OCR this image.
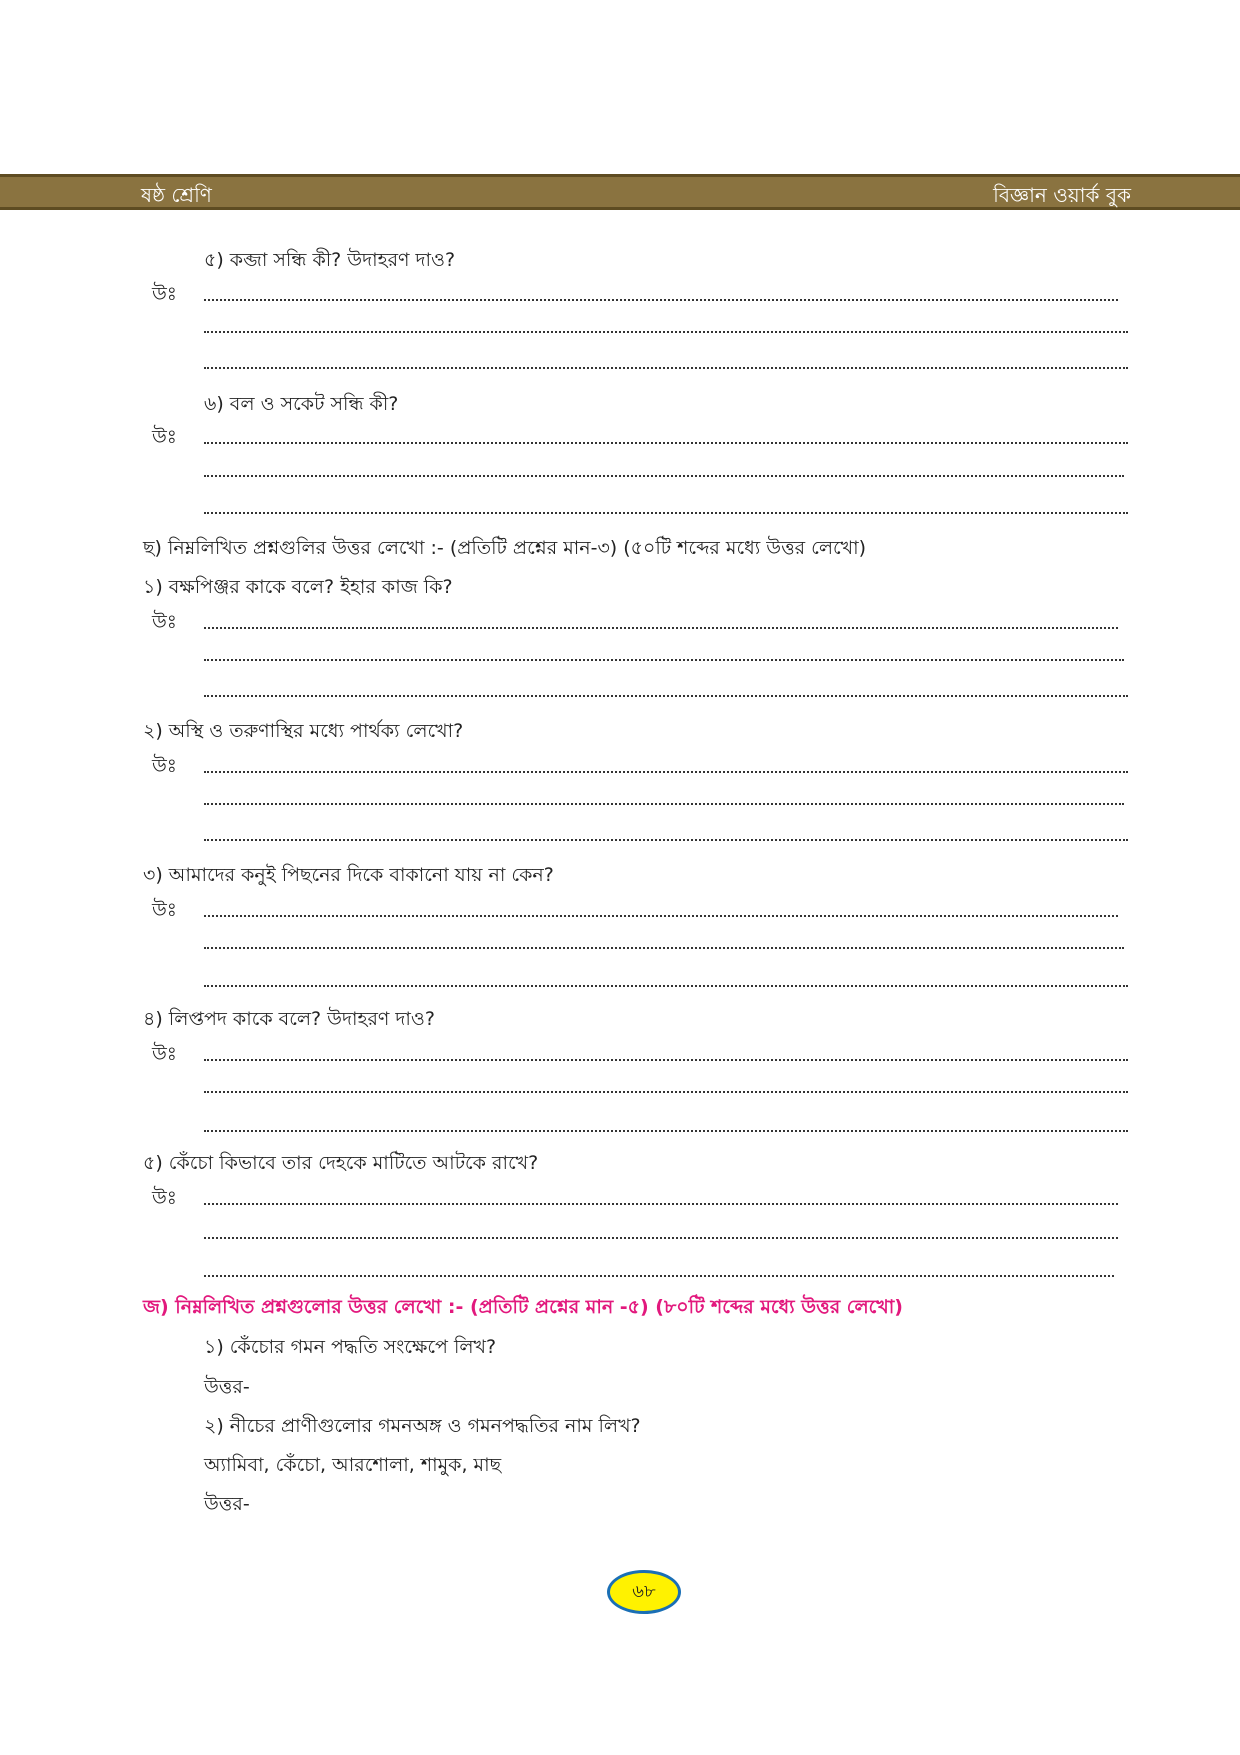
ষষ্ঠ শ্রেণি	বিজ্ঞান ওয়ার্ক বুক
৫) কব্জা সন্ধি কী? উদাহরণ দাও?
উঃ
৬) বল ও সকেট সন্ধি কী?
উঃ
ছ) নিম্নলিখিত প্রশ্নগুলির উত্তর লেখো :- (প্রতিটি প্রশ্নের মান-৩) (৫০টি শব্দের মধ্যে উত্তর লেখো)
১) বক্ষপিঞ্জর কাকে বলে? ইহার কাজ কি?
উঃ
২) অস্থি ও তরুণাস্থির মধ্যে পার্থক্য লেখো?
উঃ
৩) আমাদের কনুই পিছনের দিকে বাকানো যায় না কেন?
উঃ
৪) লিপ্তপদ কাকে বলে? উদাহরণ দাও?
উঃ
৫) কেঁচো কিভাবে তার দেহকে মাটিতে আটকে রাখে?
উঃ
জ) নিম্নলিখিত প্রশ্নগুলোর উত্তর লেখো :- (প্রতিটি প্রশ্নের মান -৫) (৮০টি শব্দের মধ্যে উত্তর লেখো)
১) কেঁচোর গমন পদ্ধতি সংক্ষেপে লিখ?
উত্তর-
২) নীচের প্রাণীগুলোর গমনঅঙ্গ ও গমনপদ্ধতির নাম লিখ?
অ্যামিবা, কেঁচো, আরশোলা, শামুক, মাছ
উত্তর-
৬৮
